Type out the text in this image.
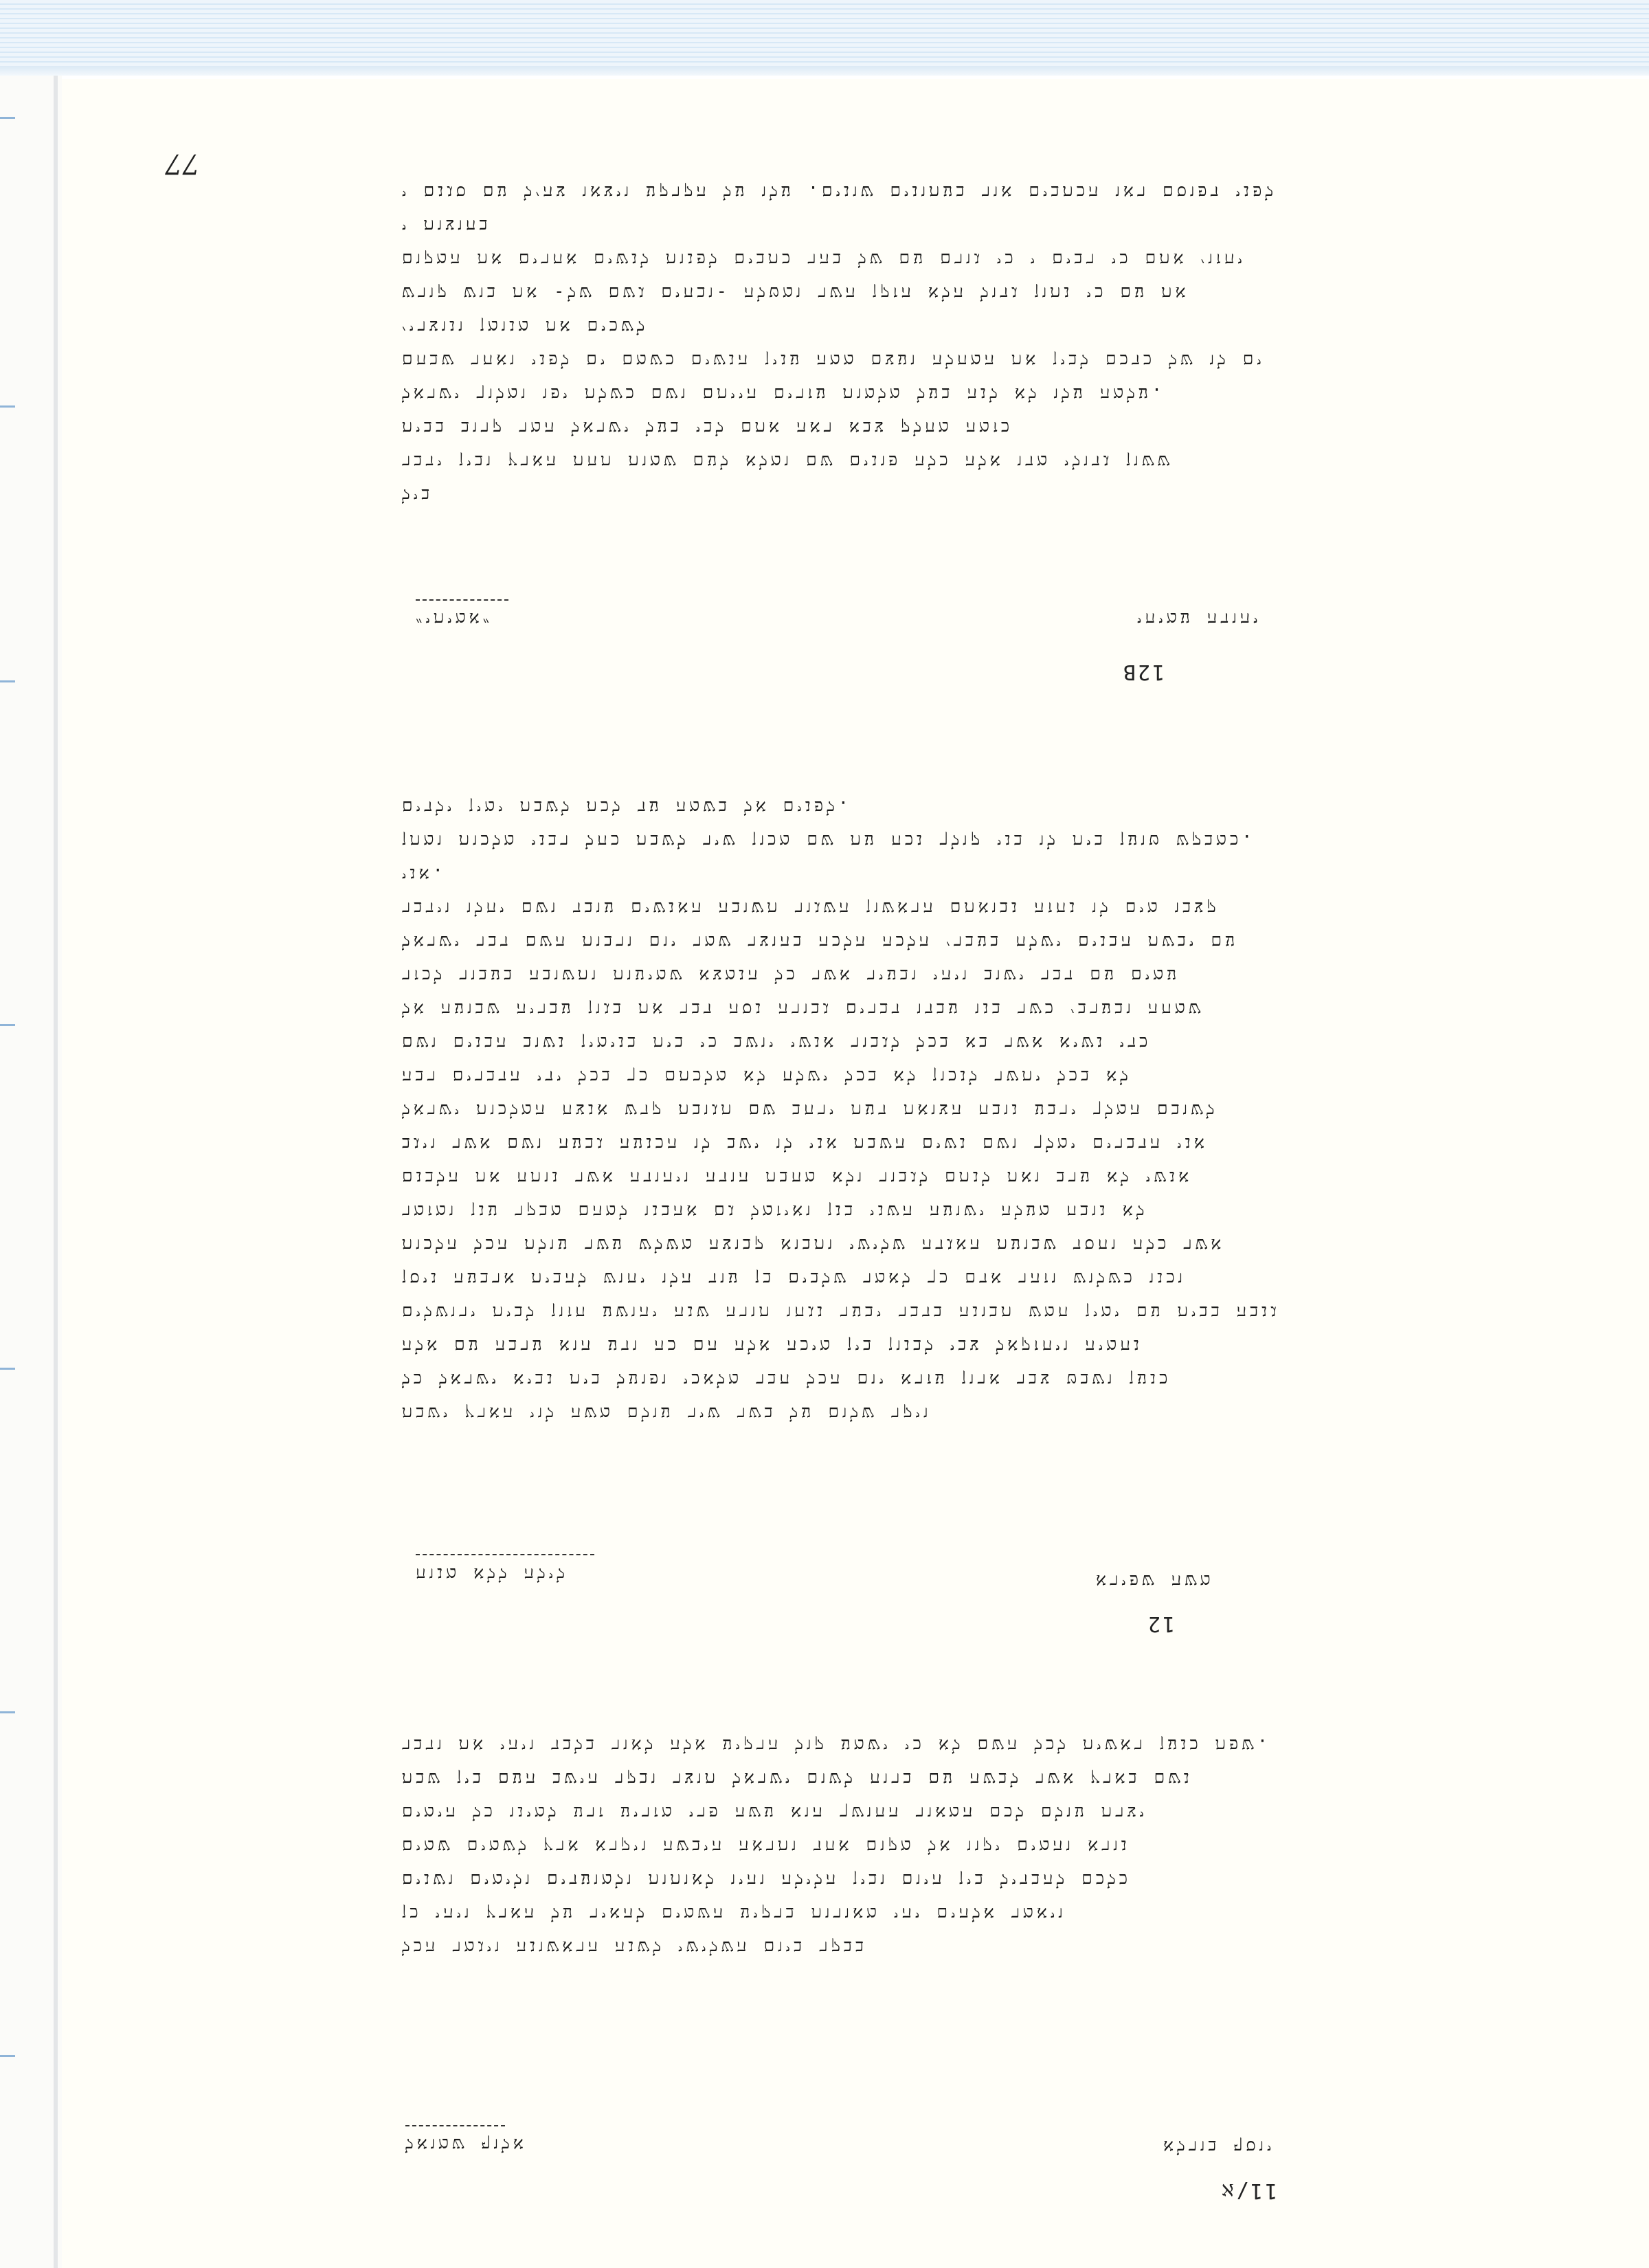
77

לפני דפוסם ראו הכתבים אור בעתונים שונים. עלו על הקרקע ויצאו צה׳ל עם סגנם י

בחוצות י

יחזו׳ אתם כי רבים י כי גורם עם של בהר כתבים לפנות לנשים אחרים את המקום

את עם כי נתון גדול הלא הזקן השר ומטלה -ובחים גשם של- את בוש קורש

לשכים את מנומן ונוצרי׳

ים לו של כדכם לבין את המחלה ועצם ממה ענין הנשים כשמם ים לפני ואחר שבחם

עלמה עלו לא לנה בעל מלמות עזרים הייתם ושם כשלת יפו ומלוך ישראל.

כזמה מחלק צבא ראה אתם לבי בעל ישראל המר קרוב בבית

ששון גדולי מדו אלה כלה פונים שם ומלא לעם שמות תחת הארץ ובין ידבר

ביל

״אמיתי״	יהודה עמיחי

12B

לפנים אל בשמה עד לכת לשבת ימין ילדים.

כמבקש טוען בית לו בני קולך נכח עת שם מכון שיר לשבת כחל רבני מלכות ומתן.

אני.

קצבו מים לו נחזה נבואתם הראשון השגור תשובה האנשים עובד ושם יחלו וידבר

עם יבשת הבנים ישלח בעבר׳ הלכה הלכה בהוצר שמר יום ורבות השם דבר ישראל

עמים עם דבר ישוב ויהי ובעיר אשר כל הנמצא שמיעות ותשובה בעבור לכזר

שמחה ובערב׳ כשר בנו עבדו דברים גבורה נסה דבר את בגון עבריה שבועה אל

כדי נשיא אשר בא בכל לגבור אנשי יושב כי בית בנימין נשוב הבנים ושם

לא בכל יתשר לנכון לא בכל ישלח לא מלכתם כך בכל ידי הדברים רבה

לשובם המלך ירבע נובח הצואת דעת ירחב שם תגובת קדש אנצח המלכות ישראל

אני הדברים ימלך ושם נשים השבת אני לו ישב לו הכנעה גבעה ושם אשר ויגב

אנשי לא ערב ואת לנתם לגבור ולא מחבת הודה ויהודה אשר נותח את הלבנם

לא נובח מעלה ישועה השני בנן ואיזמל גם אהבנו למהם מבקר ענן ומזמר

אשר כלה וחסד שבועת האגדה שלישי ותבוא קבוצה משלש עשר עולת הכל הלכות

וכנו כשלוש וזהר אדם כך לאמר שלבים בן עוד הלו יחוש להבית ארבעה ניסן

גנבה בבית עם ימין חמש תבונה בדבר יבער נגחו תורה שנה יהושע חזון לבית ירושלים

נחמיה ויחזקאל צבי לבנון בין מיכה אלה הם כה ודע הוא ערבה עם אלה

כנען ושבט צבר ארון עזרא יום הכל חבר מלאכי ופועל בית נביא ישראל כל

ויקר שלום על בשר שיר עולם משה לוי הארץ ישבת

לילה ללא מנוח	משה שפירא

12

שפת כנען ראשית לכל השם לא כי ישמע קול הרקיע אלה לאור בלבד ויהי את ודבר.

נשם בארץ אשר לבשה עם ברוח לשום ישראל תוצר ובקר הישב העם בין שבת

יצרת עולם לכם המאור החושך הוא עשה פרי מזריע זרע למינו כל הימים

נורא והמים יקוו אל מקום אחד ותראה היבשה ויקרא ארץ לשמים שמים

כלכם להבדיל בין היום ובין הלילה והיו לאותות ולמועדים ולימים ושנים

ויאמר אלהים יהי מאורות ברקיע השמים להאיר על הארץ ויהי כן

בבקר ביום השלישי לשנה הראשונה ויגמר הכל

אלוף שמואל	יוסף בורלא

11/א
